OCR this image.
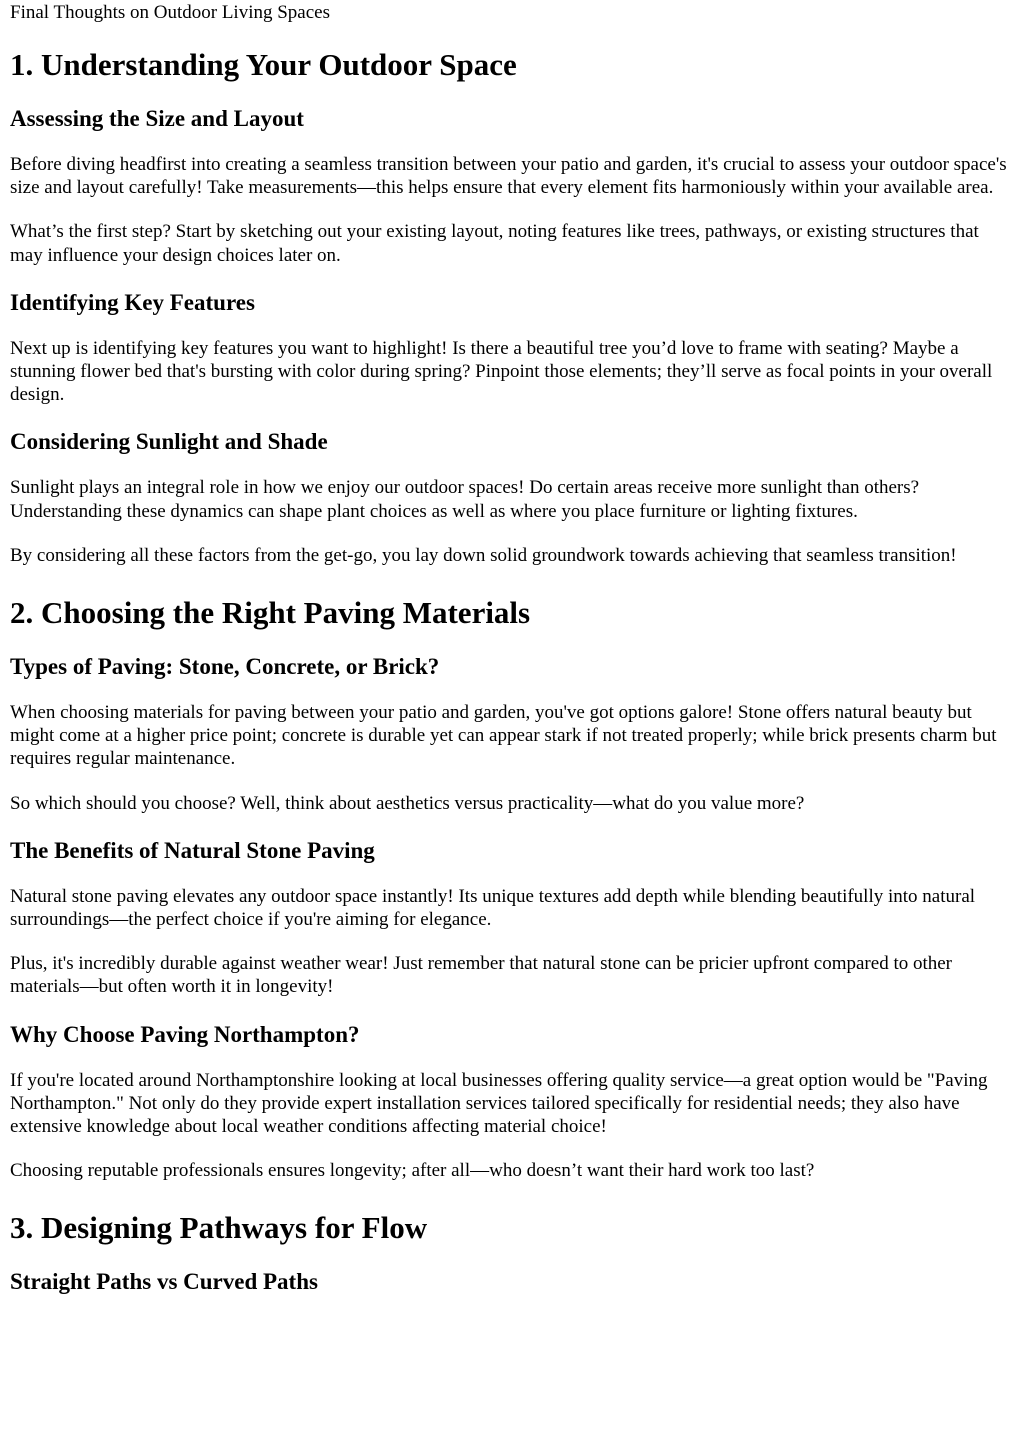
Final Thoughts on Outdoor Living Spaces

1. Understanding Your Outdoor Space
Assessing the Size and Layout

Before diving headfirst into creating a seamless transition between your patio and garden, it's crucial to assess your outdoor space's size and layout carefully! Take measurements—this helps ensure that every element fits harmoniously within your available area.

What’s the first step? Start by sketching out your existing layout, noting features like trees, pathways, or existing structures that may influence your design choices later on.

Identifying Key Features

Next up is identifying key features you want to highlight! Is there a beautiful tree you’d love to frame with seating? Maybe a stunning flower bed that's bursting with color during spring? Pinpoint those elements; they’ll serve as focal points in your overall design.

Considering Sunlight and Shade

Sunlight plays an integral role in how we enjoy our outdoor spaces! Do certain areas receive more sunlight than others? Understanding these dynamics can shape plant choices as well as where you place furniture or lighting fixtures.

By considering all these factors from the get-go, you lay down solid groundwork towards achieving that seamless transition!

2. Choosing the Right Paving Materials
Types of Paving: Stone, Concrete, or Brick?

When choosing materials for paving between your patio and garden, you've got options galore! Stone offers natural beauty but might come at a higher price point; concrete is durable yet can appear stark if not treated properly; while brick presents charm but requires regular maintenance.

So which should you choose? Well, think about aesthetics versus practicality—what do you value more?

The Benefits of Natural Stone Paving

Natural stone paving elevates any outdoor space instantly! Its unique textures add depth while blending beautifully into natural surroundings—the perfect choice if you're aiming for elegance.

Plus, it's incredibly durable against weather wear! Just remember that natural stone can be pricier upfront compared to other materials—but often worth it in longevity!

Why Choose Paving Northampton?

If you're located around Northamptonshire looking at local businesses offering quality service—a great option would be "Paving Northampton." Not only do they provide expert installation services tailored specifically for residential needs; they also have extensive knowledge about local weather conditions affecting material choice!

Choosing reputable professionals ensures longevity; after all—who doesn’t want their hard work too last?

3. Designing Pathways for Flow
Straight Paths vs Curved Paths
